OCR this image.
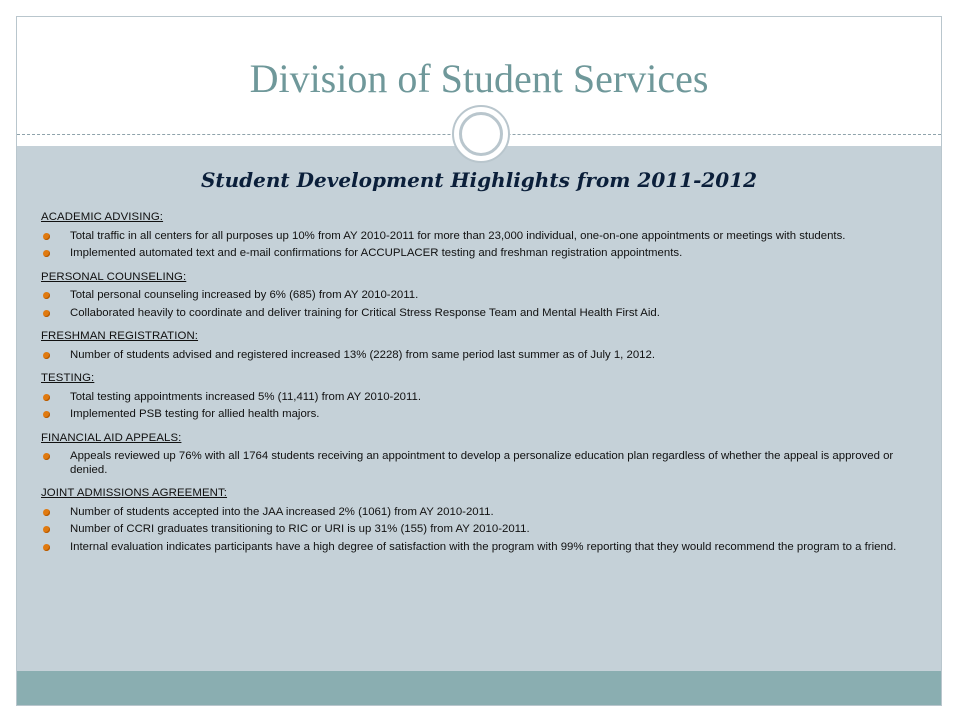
Division of Student Services
Student Development Highlights from 2011-2012
ACADEMIC ADVISING:
Total traffic in all centers for all purposes up 10% from AY 2010-2011 for more than 23,000 individual, one-on-one appointments or meetings with students.
Implemented automated text and e-mail confirmations for ACCUPLACER testing and freshman registration appointments.
PERSONAL COUNSELING:
Total personal counseling increased by 6% (685) from AY 2010-2011.
Collaborated heavily to coordinate and deliver training for Critical Stress Response Team and Mental Health First Aid.
FRESHMAN REGISTRATION:
Number of students advised and registered increased 13% (2228) from same period last summer as of July 1, 2012.
TESTING:
Total testing appointments increased 5% (11,411) from AY 2010-2011.
Implemented PSB testing for allied health majors.
FINANCIAL AID APPEALS:
Appeals reviewed up 76% with all 1764 students receiving an appointment to develop a personalize education plan regardless of whether the appeal is approved or denied.
JOINT ADMISSIONS AGREEMENT:
Number of students accepted into the JAA increased 2% (1061) from AY 2010-2011.
Number of CCRI graduates transitioning to RIC or URI is up 31% (155) from AY 2010-2011.
Internal evaluation indicates participants have a high degree of satisfaction with the program with 99% reporting that they would recommend the program to a friend.
